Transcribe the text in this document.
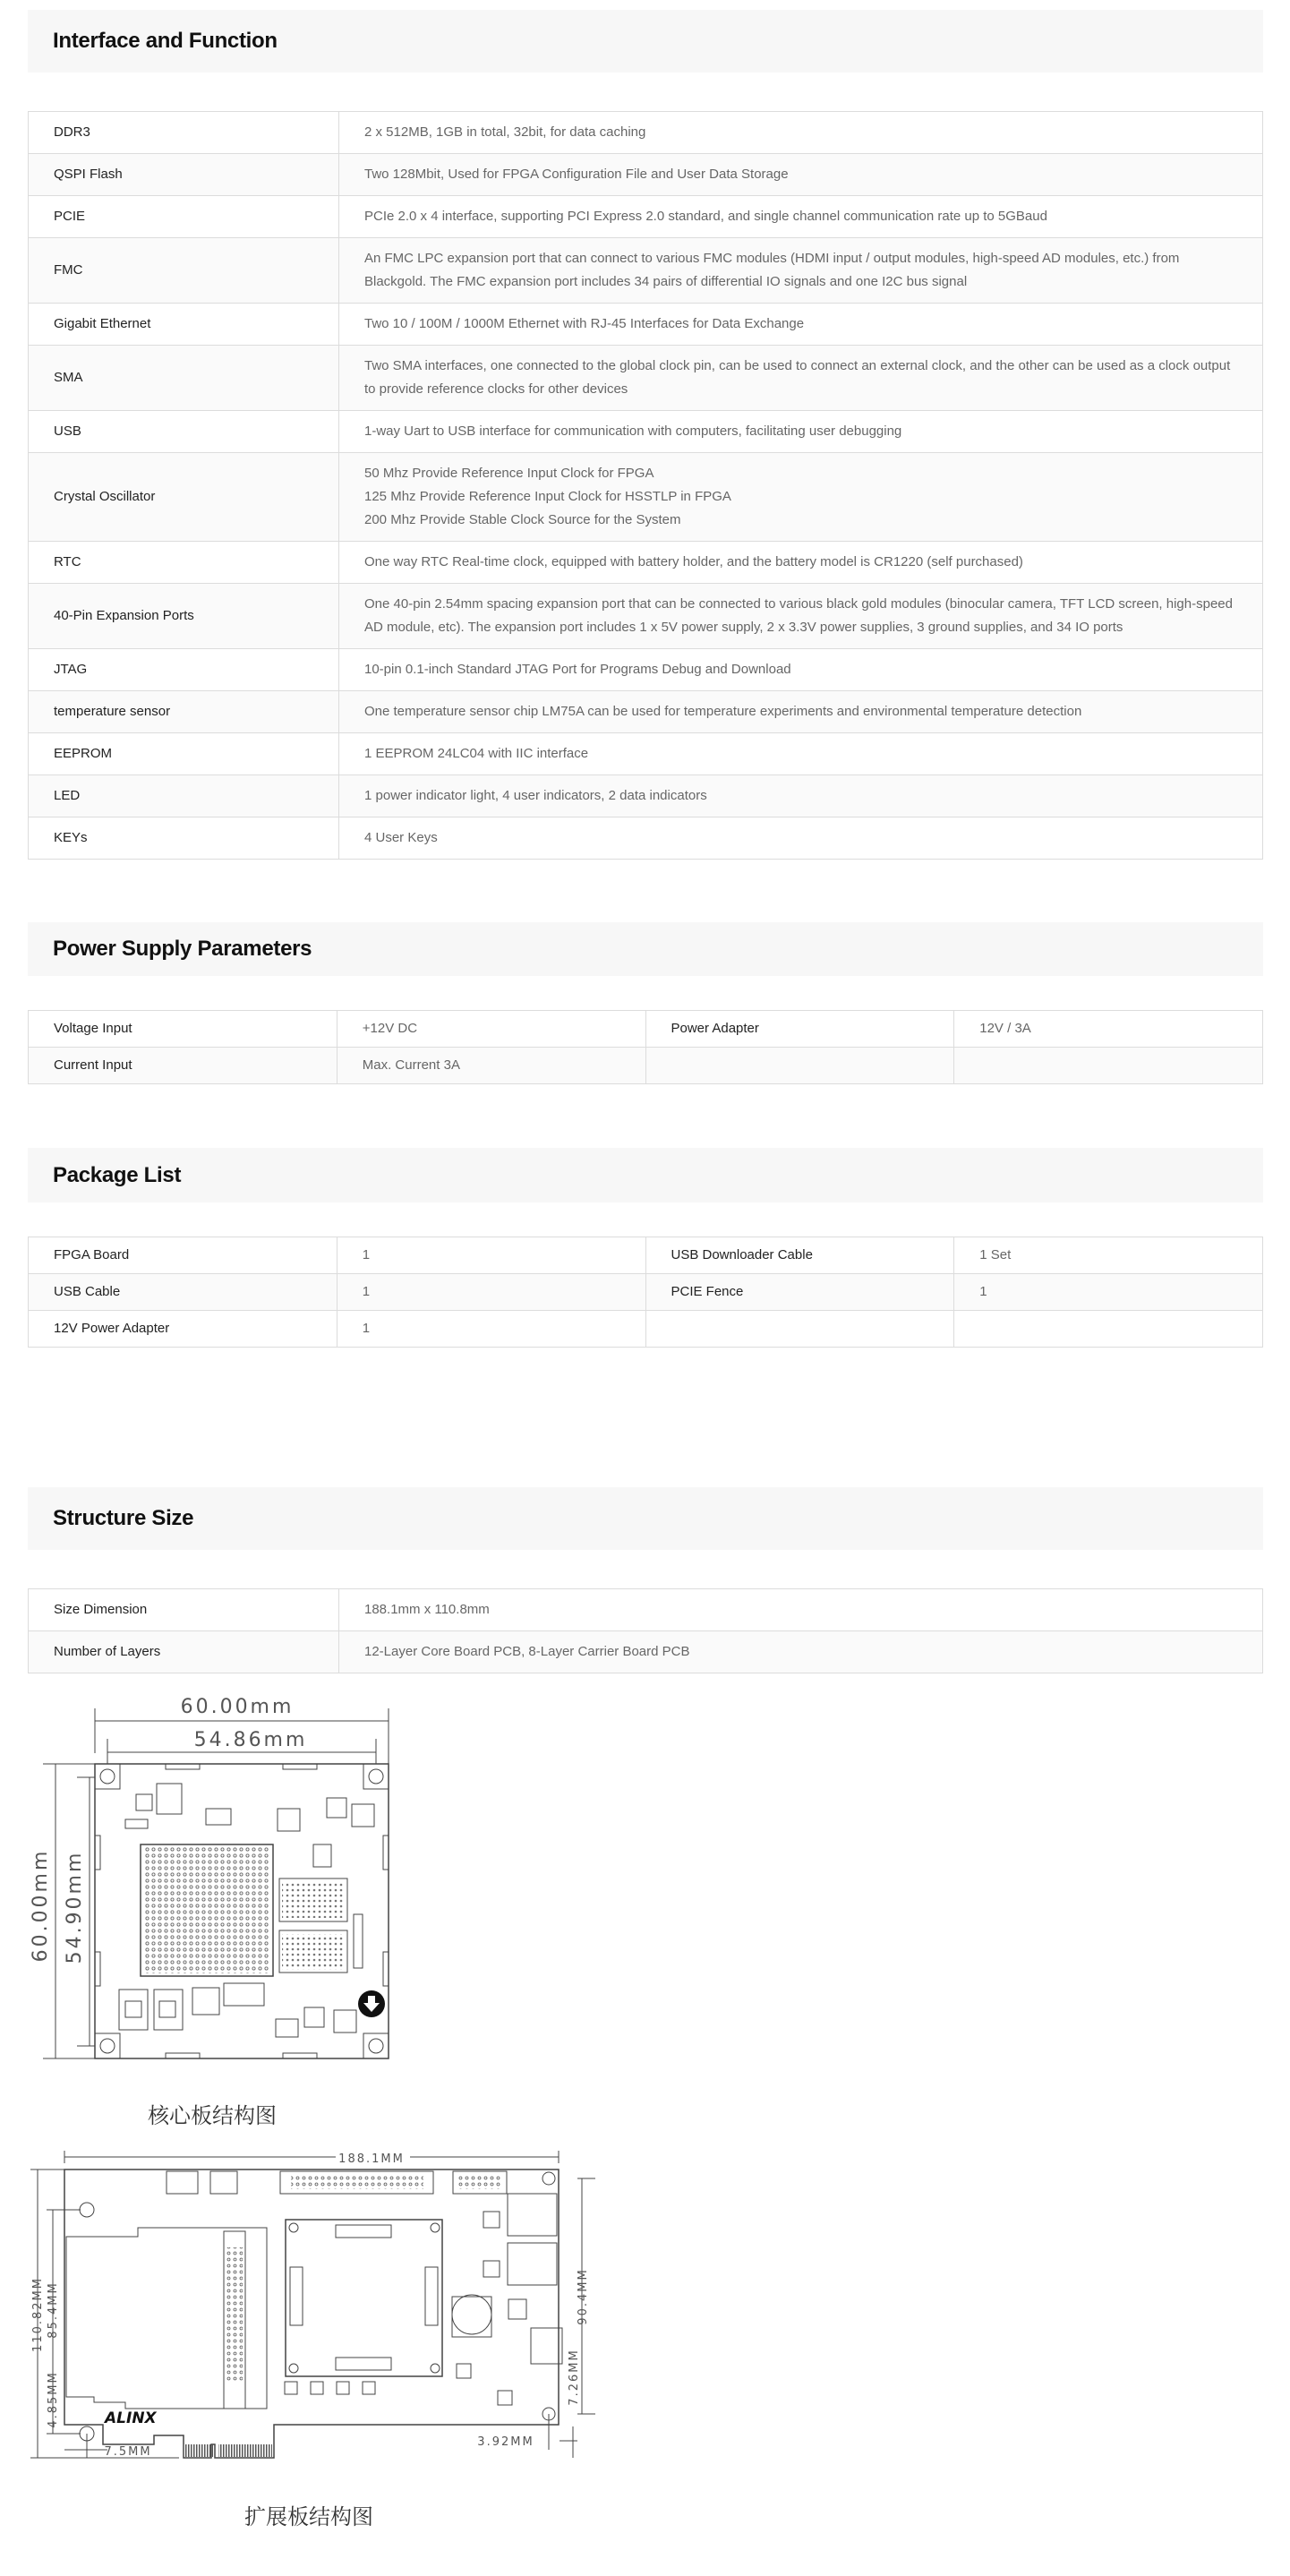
Interface and Function
DDR3	2 x 512MB, 1GB in total, 32bit, for data caching
QSPI Flash	Two 128Mbit, Used for FPGA Configuration File and User Data Storage
PCIE	PCIe 2.0 x 4 interface, supporting PCI Express 2.0 standard, and single channel communication rate up to 5GBaud
FMC	An FMC LPC expansion port that can connect to various FMC modules (HDMI input / output modules, high-speed AD modules, etc.) from Blackgold. The FMC expansion port includes 34 pairs of differential IO signals and one I2C bus signal
Gigabit Ethernet	Two 10 / 100M / 1000M Ethernet with RJ-45 Interfaces for Data Exchange
SMA	Two SMA interfaces, one connected to the global clock pin, can be used to connect an external clock, and the other can be used as a clock output to provide reference clocks for other devices
USB	1-way Uart to USB interface for communication with computers, facilitating user debugging
Crystal Oscillator	50 Mhz Provide Reference Input Clock for FPGA
125 Mhz Provide Reference Input Clock for HSSTLP in FPGA
200 Mhz Provide Stable Clock Source for the System

RTC	One way RTC Real-time clock, equipped with battery holder, and the battery model is CR1220 (self purchased)
40-Pin Expansion Ports	One 40-pin 2.54mm spacing expansion port that can be connected to various black gold modules (binocular camera, TFT LCD screen, high-speed AD module, etc). The expansion port includes 1 x 5V power supply, 2 x 3.3V power supplies, 3 ground supplies, and 34 IO ports
JTAG	10-pin 0.1-inch Standard JTAG Port for Programs Debug and Download
temperature sensor	One temperature sensor chip LM75A can be used for temperature experiments and environmental temperature detection
EEPROM	1 EEPROM 24LC04 with IIC interface
LED	1 power indicator light, 4 user indicators, 2 data indicators
KEYs	4 User Keys
Power Supply Parameters
Voltage Input	+12V DC	Power Adapter	12V / 3A
Current Input	Max. Current 3A		
Package List
FPGA Board	1	USB Downloader Cable	1 Set
USB Cable	1	PCIE Fence	1
12V Power Adapter	1		
Structure Size
Size Dimension	188.1mm x 110.8mm
Number of Layers	12-Layer Core Board PCB, 8-Layer Carrier Board PCB
60.00mm
54.86mm
60.00mm 54.90mm
核心板结构图
188.1MM
110.82MM 85.4MM
4.85MM
7.5MM
90.4MM
7.26MM
3.92MM
ALINX
扩展板结构图
